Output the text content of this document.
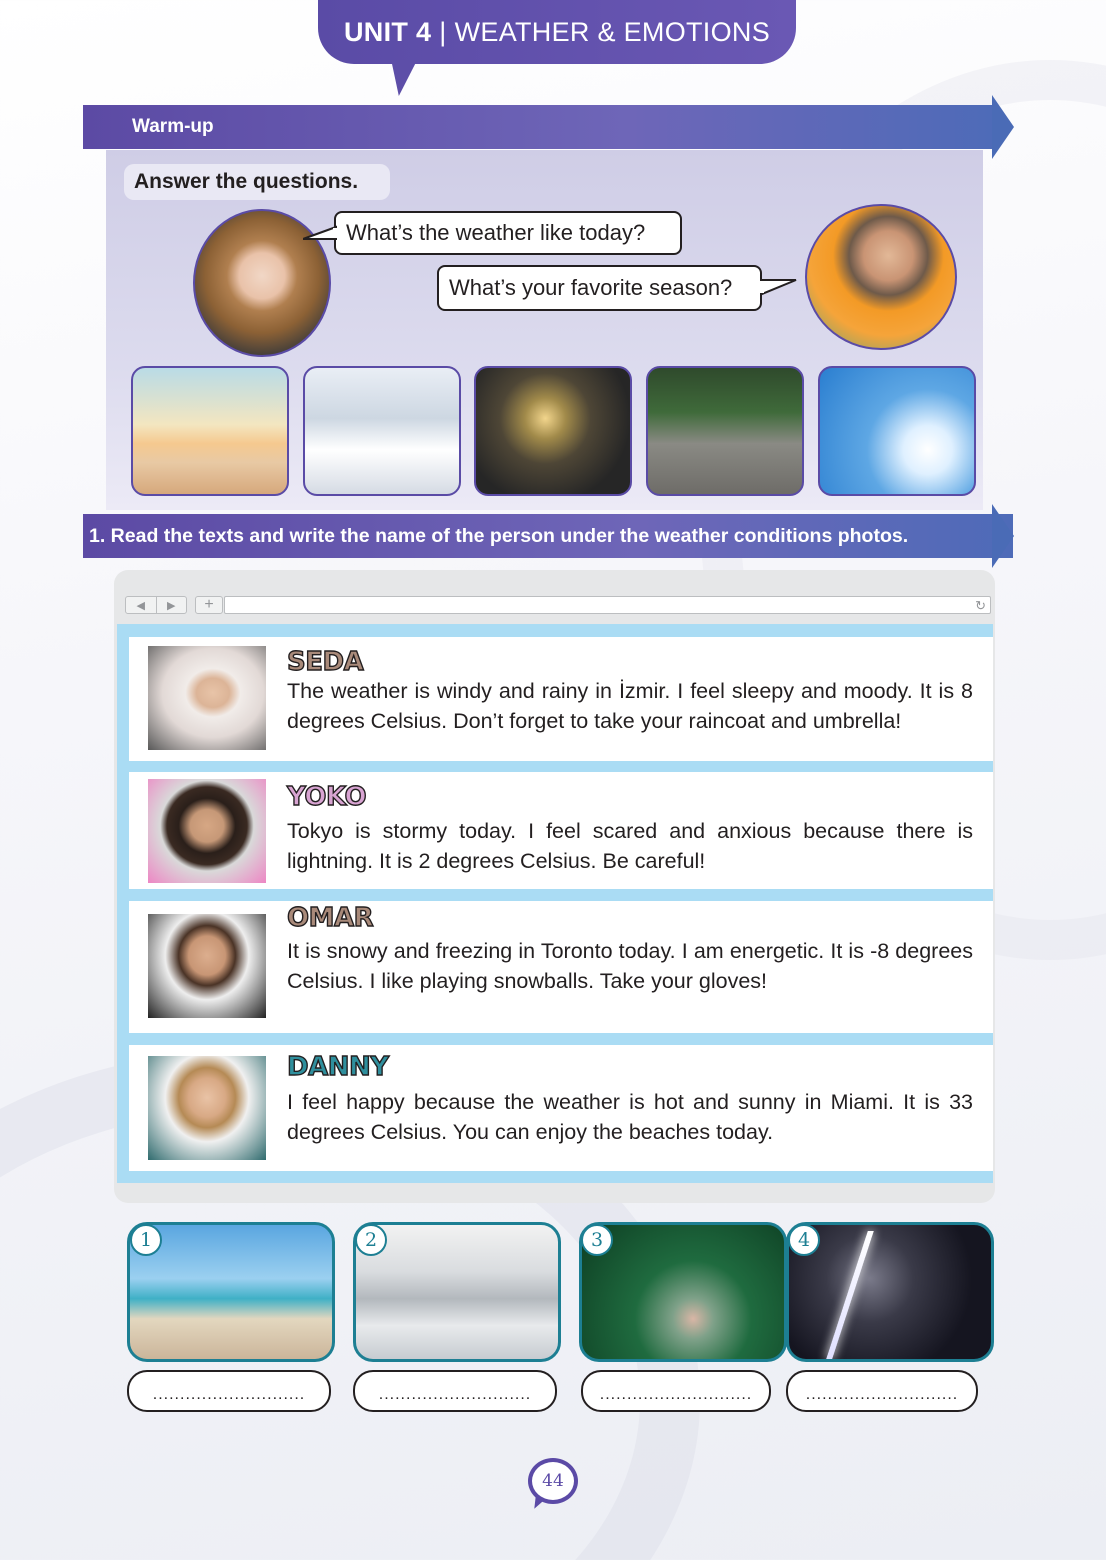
UNIT 4 | WEATHER & EMOTIONS
Warm-up
Answer the questions.
What’s the weather like today?
What’s your favorite season?
1. Read the texts and write the name of the person under the weather conditions photos.
◀	▶	+	↻
SEDA
The weather is windy and rainy in İzmir. I feel sleepy and moody. It is 8 degrees Celsius. Don’t forget to take your raincoat and umbrella!
YOKO
Tokyo is stormy today. I feel scared and anxious because there is lightning. It is 2 degrees Celsius. Be careful!
OMAR
It is snowy and freezing in Toronto today. I am energetic. It is -8 degrees Celsius. I like playing snowballs. Take your gloves!
DANNY
I feel happy because the weather is hot and sunny in Miami. It is 33 degrees Celsius. You can enjoy the beaches today.
1	2	3	4
............................	............................	............................	............................
44
